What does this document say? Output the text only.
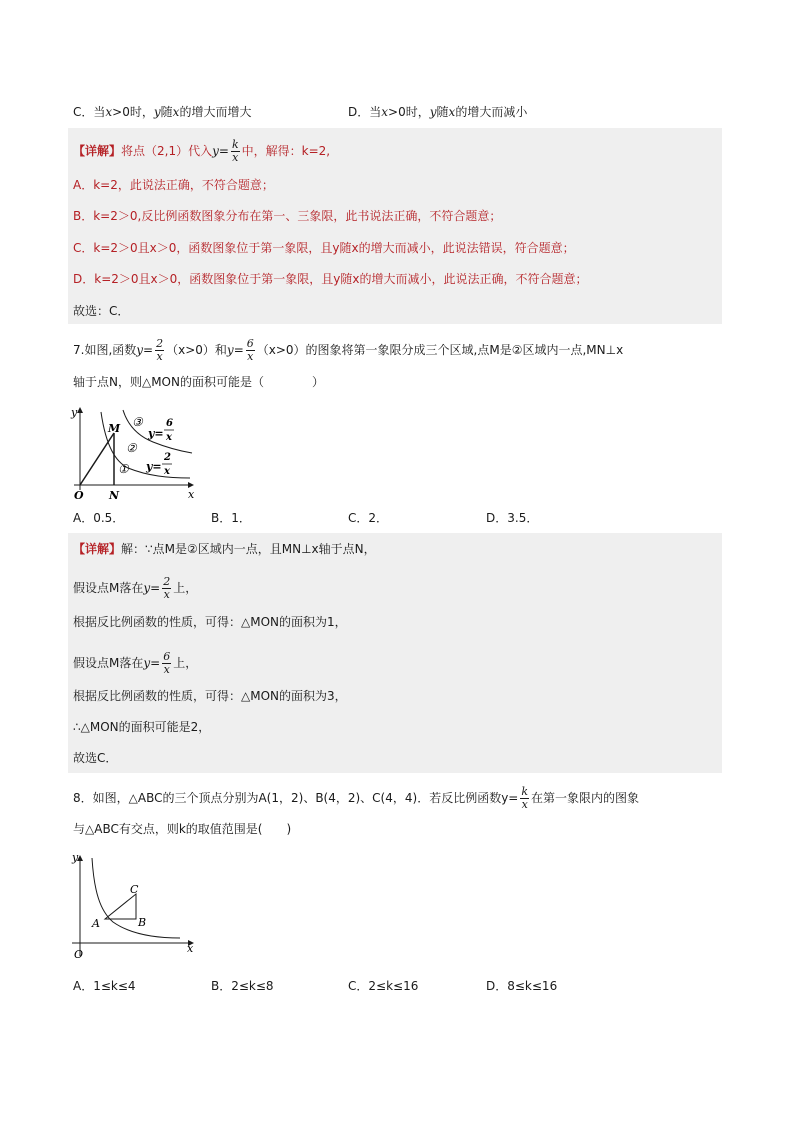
C．当x>0时，y随x的增大而增大	D．当x>0时，y随x的增大而减小
【详解】将点（2,1）代入$y= \frac{k}{x}$ 中，解得：k=2,
A．k=2，此说法正确，不符合题意；
B．k=2＞0,反比例函数图象分布在第一、三象限，此书说法正确，不符合题意；
C．k=2＞0且x＞0，函数图象位于第一象限，且y随x的增大而减小，此说法错误，符合题意；
D．k=2＞0且x＞0，函数图象位于第一象限，且y随x的增大而减小，此说法正确，不符合题意；
故选：C．
7.如图,函数$y= \frac{2}{x} (x>0)$和$y= \frac{6}{x} (x>0)$的图象将第一象限分成三个区域,点M是②区域内一点,MN⊥x
轴于点N，则△MON的面积可能是（　　　　）
y
x
O N
M ③
②
①
y=
6
x
y=
2
x
A．0.5．	B．1．	C．2．	D．3.5．
【详解】解：∵点M是②区域内一点，且MN⊥x轴于点N，
假设点M落在$y= \frac{2}{x}$ 上，
根据反比例函数的性质，可得：△MON的面积为1，
假设点M落在$y= \frac{6}{x}$ 上，
根据反比例函数的性质，可得：△MON的面积为3，
∴△MON的面积可能是2，
故选C．
8．如图，△ABC的三个顶点分别为A(1，2)、B(4，2)、C(4，4)．若反比例函数$y= \frac{k}{x}$ 在第一象限内的图象
与△ABC有交点，则k的取值范围是(　　)
y
x
O
A	B
C
A．1≤k≤4	B．2≤k≤8	C．2≤k≤16	D．8≤k≤16
